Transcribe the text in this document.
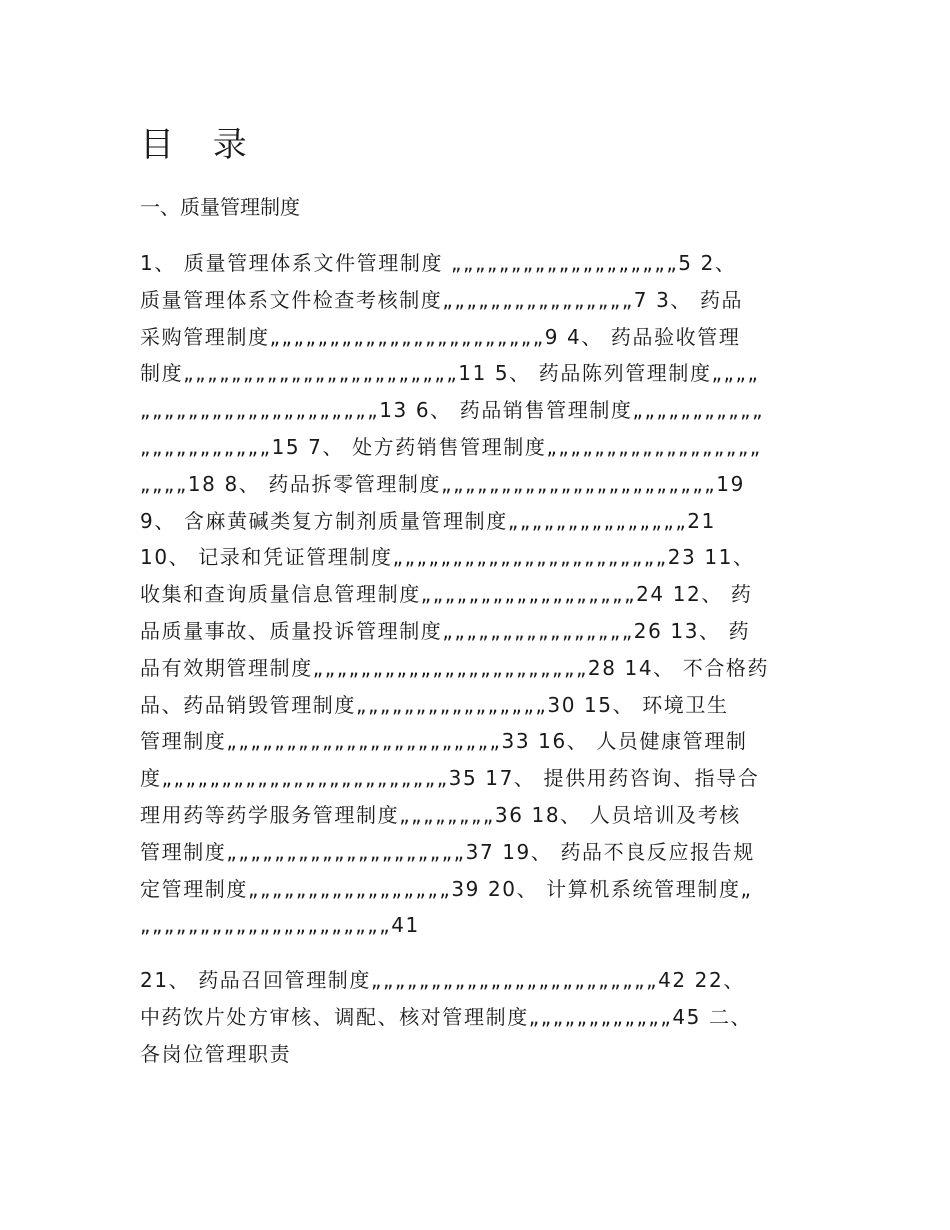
目 录
一、质量管理制度
1、 质量管理体系文件管理制度 „„„„„„„„„„„„„„„„„„„5 2、
质量管理体系文件检查考核制度„„„„„„„„„„„„„„„„7 3、 药品
采购管理制度„„„„„„„„„„„„„„„„„„„„„„„9 4、 药品验收管理
制度„„„„„„„„„„„„„„„„„„„„„„„11 5、 药品陈列管理制度„„„„
„„„„„„„„„„„„„„„„„„„„13 6、 药品销售管理制度„„„„„„„„„„„
„„„„„„„„„„„15 7、 处方药销售管理制度„„„„„„„„„„„„„„„„„„
„„„„18 8、 药品拆零管理制度„„„„„„„„„„„„„„„„„„„„„„„19
9、 含麻黄碱类复方制剂质量管理制度„„„„„„„„„„„„„„„21
10、 记录和凭证管理制度„„„„„„„„„„„„„„„„„„„„„„„23 11、
收集和查询质量信息管理制度„„„„„„„„„„„„„„„„„„24 12、 药
品质量事故、质量投诉管理制度„„„„„„„„„„„„„„„„26 13、 药
品有效期管理制度„„„„„„„„„„„„„„„„„„„„„„„28 14、 不合格药
品、药品销毁管理制度„„„„„„„„„„„„„„„„30 15、 环境卫生
管理制度„„„„„„„„„„„„„„„„„„„„„„„33 16、 人员健康管理制
度„„„„„„„„„„„„„„„„„„„„„„„„35 17、 提供用药咨询、指导合
理用药等药学服务管理制度„„„„„„„„36 18、 人员培训及考核
管理制度„„„„„„„„„„„„„„„„„„„„37 19、 药品不良反应报告规
定管理制度„„„„„„„„„„„„„„„„„39 20、 计算机系统管理制度„
„„„„„„„„„„„„„„„„„„„„„41
21、 药品召回管理制度„„„„„„„„„„„„„„„„„„„„„„„„42 22、
中药饮片处方审核、调配、核对管理制度„„„„„„„„„„„„45 二、
各岗位管理职责
